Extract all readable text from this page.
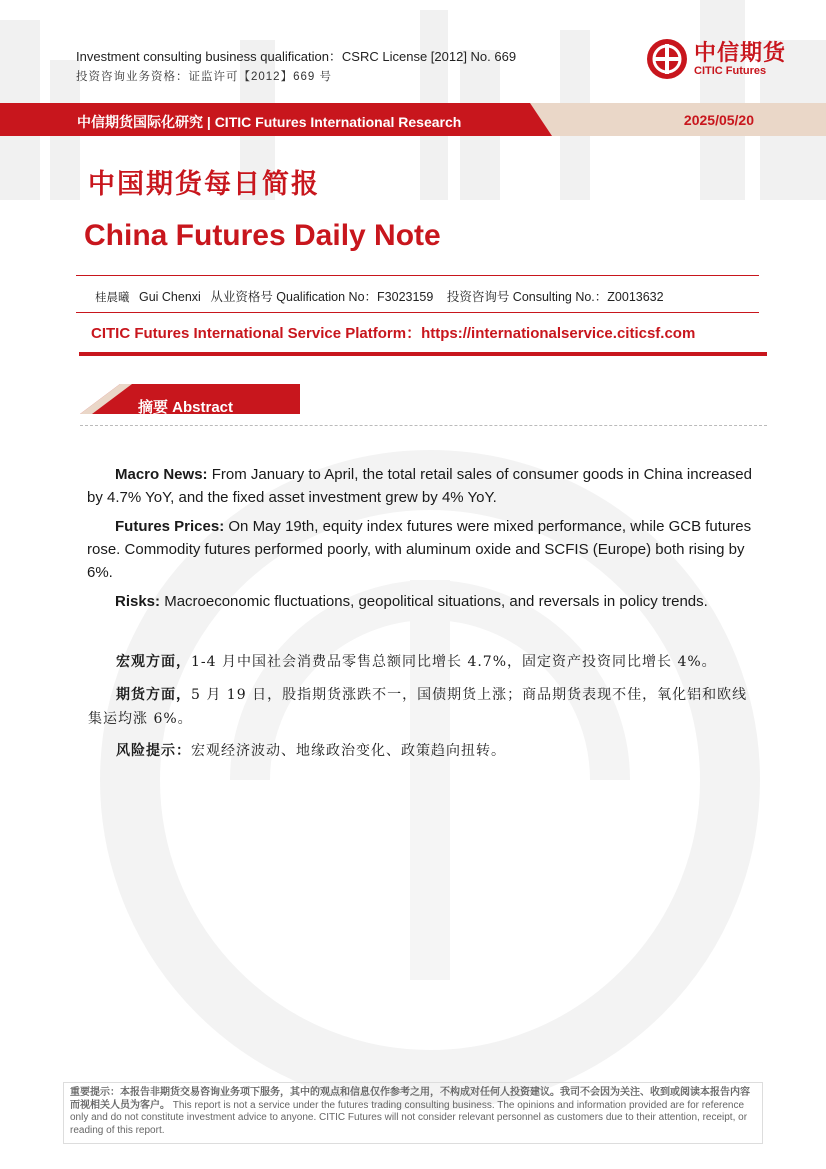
Investment consulting business qualification：CSRC License [2012] No. 669
投资咨询业务资格：证监许可【2012】669 号
中信期货
CITIC Futures
中信期货国际化研究 | CITIC Futures International Research	2025/05/20
中国期货每日简报
China Futures Daily Note
桂晨曦 Gui Chenxi 从业资格号 Qualification No：F3023159 投资咨询号 Consulting No.：Z0013632
CITIC Futures International Service Platform：https://internationalservice.citicsf.com
摘要 Abstract
Macro News: From January to April, the total retail sales of consumer goods in China increased by 4.7% YoY, and the fixed asset investment grew by 4% YoY.
Futures Prices: On May 19th, equity index futures were mixed performance, while GCB futures rose. Commodity futures performed poorly, with aluminum oxide and SCFIS (Europe) both rising by 6%.
Risks: Macroeconomic fluctuations, geopolitical situations, and reversals in policy trends.
宏观方面，1-4 月中国社会消费品零售总额同比增长 4.7%，固定资产投资同比增长 4%。
期货方面，5 月 19 日，股指期货涨跌不一，国债期货上涨；商品期货表现不佳，氧化铝和欧线集运均涨 6%。
风险提示：宏观经济波动、地缘政治变化、政策趋向扭转。
重要提示：本报告非期货交易咨询业务项下服务，其中的观点和信息仅作参考之用，不构成对任何人投资建议。我司不会因为关注、收到或阅读本报告内容而视相关人员为客户。 This report is not a service under the futures trading consulting business. The opinions and information provided are for reference only and do not constitute investment advice to anyone. CITIC Futures will not consider relevant personnel as customers due to their attention, receipt, or reading of this report.
